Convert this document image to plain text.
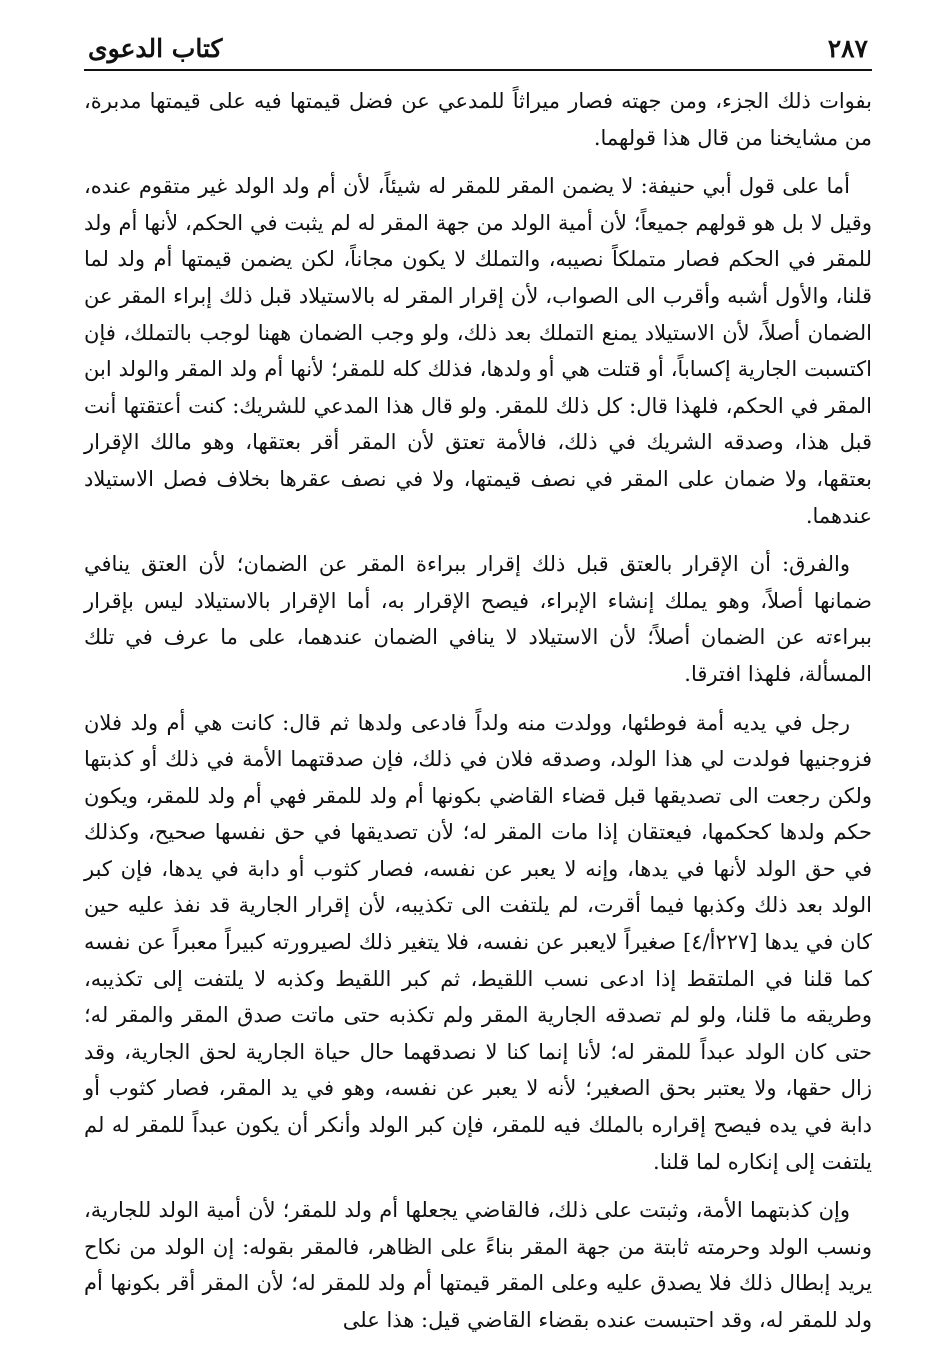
كتاب الدعوى	٢٨٧

بفوات ذلك الجزء، ومن جهته فصار ميراثاً للمدعي عن فضل قيمتها فيه على قيمتها مدبرة، من مشايخنا من قال هذا قولهما.

أما على قول أبي حنيفة: لا يضمن المقر للمقر له شيئاً، لأن أم ولد الولد غير متقوم عنده، وقيل لا بل هو قولهم جميعاً؛ لأن أمية الولد من جهة المقر له لم يثبت في الحكم، لأنها أم ولد للمقر في الحكم فصار متملكاً نصيبه، والتملك لا يكون مجاناً، لكن يضمن قيمتها أم ولد لما قلنا، والأول أشبه وأقرب الى الصواب، لأن إقرار المقر له بالاستيلاد قبل ذلك إبراء المقر عن الضمان أصلاً، لأن الاستيلاد يمنع التملك بعد ذلك، ولو وجب الضمان ههنا لوجب بالتملك، فإن اكتسبت الجارية إكساباً، أو قتلت هي أو ولدها، فذلك كله للمقر؛ لأنها أم ولد المقر والولد ابن المقر في الحكم، فلهذا قال: كل ذلك للمقر. ولو قال هذا المدعي للشريك: كنت أعتقتها أنت قبل هذا، وصدقه الشريك في ذلك، فالأمة تعتق لأن المقر أقر بعتقها، وهو مالك الإقرار بعتقها، ولا ضمان على المقر في نصف قيمتها، ولا في نصف عقرها بخلاف فصل الاستيلاد عندهما.

والفرق: أن الإقرار بالعتق قبل ذلك إقرار ببراءة المقر عن الضمان؛ لأن العتق ينافي ضمانها أصلاً، وهو يملك إنشاء الإبراء، فيصح الإقرار به، أما الإقرار بالاستيلاد ليس بإقرار ببراءته عن الضمان أصلاً؛ لأن الاستيلاد لا ينافي الضمان عندهما، على ما عرف في تلك المسألة، فلهذا افترقا.

رجل في يديه أمة فوطئها، وولدت منه ولداً فادعى ولدها ثم قال: كانت هي أم ولد فلان فزوجنيها فولدت لي هذا الولد، وصدقه فلان في ذلك، فإن صدقتهما الأمة في ذلك أو كذبتها ولكن رجعت الى تصديقها قبل قضاء القاضي بكونها أم ولد للمقر فهي أم ولد للمقر، ويكون حكم ولدها كحكمها، فيعتقان إذا مات المقر له؛ لأن تصديقها في حق نفسها صحيح، وكذلك في حق الولد لأنها في يدها، وإنه لا يعبر عن نفسه، فصار كثوب أو دابة في يدها، فإن كبر الولد بعد ذلك وكذبها فيما أقرت، لم يلتفت الى تكذيبه، لأن إقرار الجارية قد نفذ عليه حين كان في يدها [٢٢٧أ/٤] صغيراً لايعبر عن نفسه، فلا يتغير ذلك لصيرورته كبيراً معبراً عن نفسه كما قلنا في الملتقط إذا ادعى نسب اللقيط، ثم كبر اللقيط وكذبه لا يلتفت إلى تكذيبه، وطريقه ما قلنا، ولو لم تصدقه الجارية المقر ولم تكذبه حتى ماتت صدق المقر والمقر له؛ حتى كان الولد عبداً للمقر له؛ لأنا إنما كنا لا نصدقهما حال حياة الجارية لحق الجارية، وقد زال حقها، ولا يعتبر بحق الصغير؛ لأنه لا يعبر عن نفسه، وهو في يد المقر، فصار كثوب أو دابة في يده فيصح إقراره بالملك فيه للمقر، فإن كبر الولد وأنكر أن يكون عبداً للمقر له لم يلتفت إلى إنكاره لما قلنا.

وإن كذبتهما الأمة، وثبتت على ذلك، فالقاضي يجعلها أم ولد للمقر؛ لأن أمية الولد للجارية، ونسب الولد وحرمته ثابتة من جهة المقر بناءً على الظاهر، فالمقر بقوله: إن الولد من نكاح يريد إبطال ذلك فلا يصدق عليه وعلى المقر قيمتها أم ولد للمقر له؛ لأن المقر أقر بكونها أم ولد للمقر له، وقد احتبست عنده بقضاء القاضي قيل: هذا على
